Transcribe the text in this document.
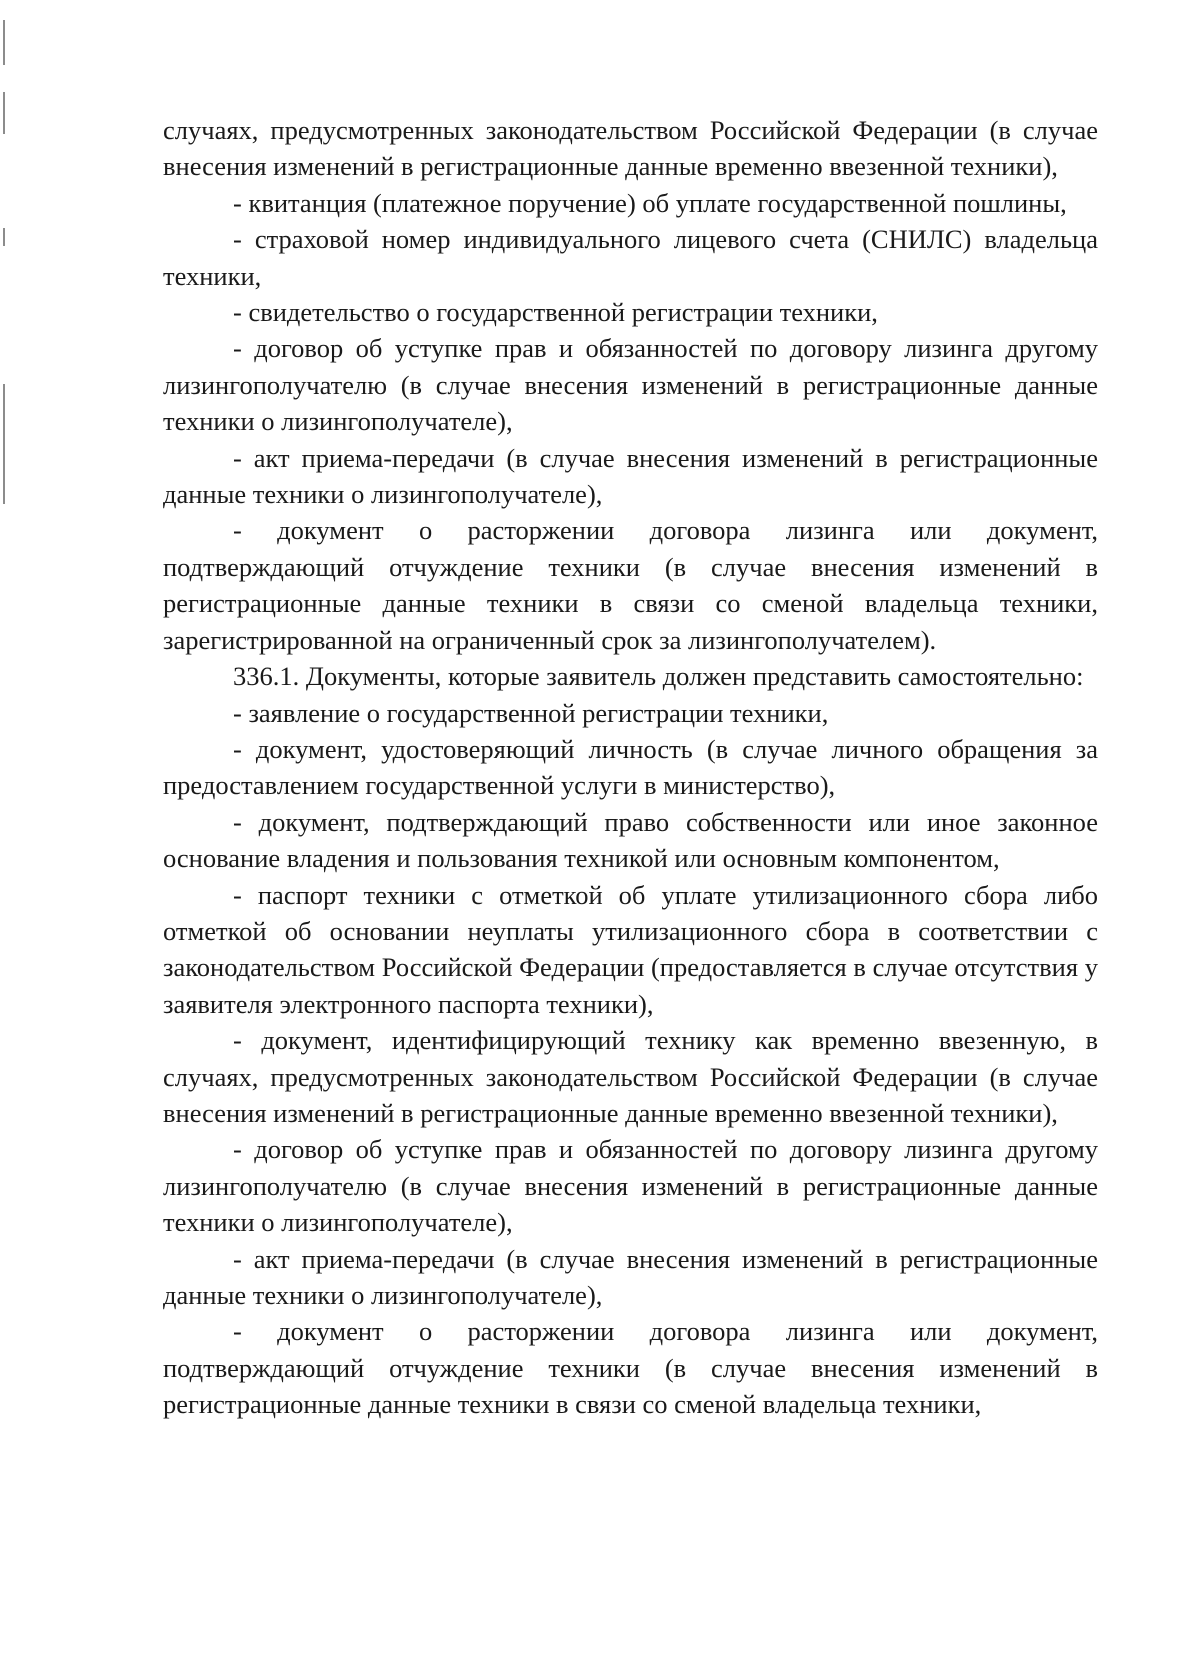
случаях, предусмотренных законодательством Российской Федерации (в случае внесения изменений в регистрационные данные временно ввезенной техники),

- квитанция (платежное поручение) об уплате государственной пошлины,

- страховой номер индивидуального лицевого счета (СНИЛС) владельца техники,

- свидетельство о государственной регистрации техники,

- договор об уступке прав и обязанностей по договору лизинга другому лизингополучателю (в случае внесения изменений в регистрационные данные техники о лизингополучателе),

- акт приема-передачи (в случае внесения изменений в регистрационные данные техники о лизингополучателе),

- документ о расторжении договора лизинга или документ, подтверждающий отчуждение техники (в случае внесения изменений в регистрационные данные техники в связи со сменой владельца техники, зарегистрированной на ограниченный срок за лизингополучателем).

336.1. Документы, которые заявитель должен представить самостоятельно:

- заявление о государственной регистрации техники,

- документ, удостоверяющий личность (в случае личного обращения за предоставлением государственной услуги в министерство),

- документ, подтверждающий право собственности или иное законное основание владения и пользования техникой или основным компонентом,

- паспорт техники с отметкой об уплате утилизационного сбора либо отметкой об основании неуплаты утилизационного сбора в соответствии с законодательством Российской Федерации (предоставляется в случае отсутствия у заявителя электронного паспорта техники),

- документ, идентифицирующий технику как временно ввезенную, в случаях, предусмотренных законодательством Российской Федерации (в случае внесения изменений в регистрационные данные временно ввезенной техники),

- договор об уступке прав и обязанностей по договору лизинга другому лизингополучателю (в случае внесения изменений в регистрационные данные техники о лизингополучателе),

- акт приема-передачи (в случае внесения изменений в регистрационные данные техники о лизингополучателе),

- документ о расторжении договора лизинга или документ, подтверждающий отчуждение техники (в случае внесения изменений в регистрационные данные техники в связи со сменой владельца техники,
